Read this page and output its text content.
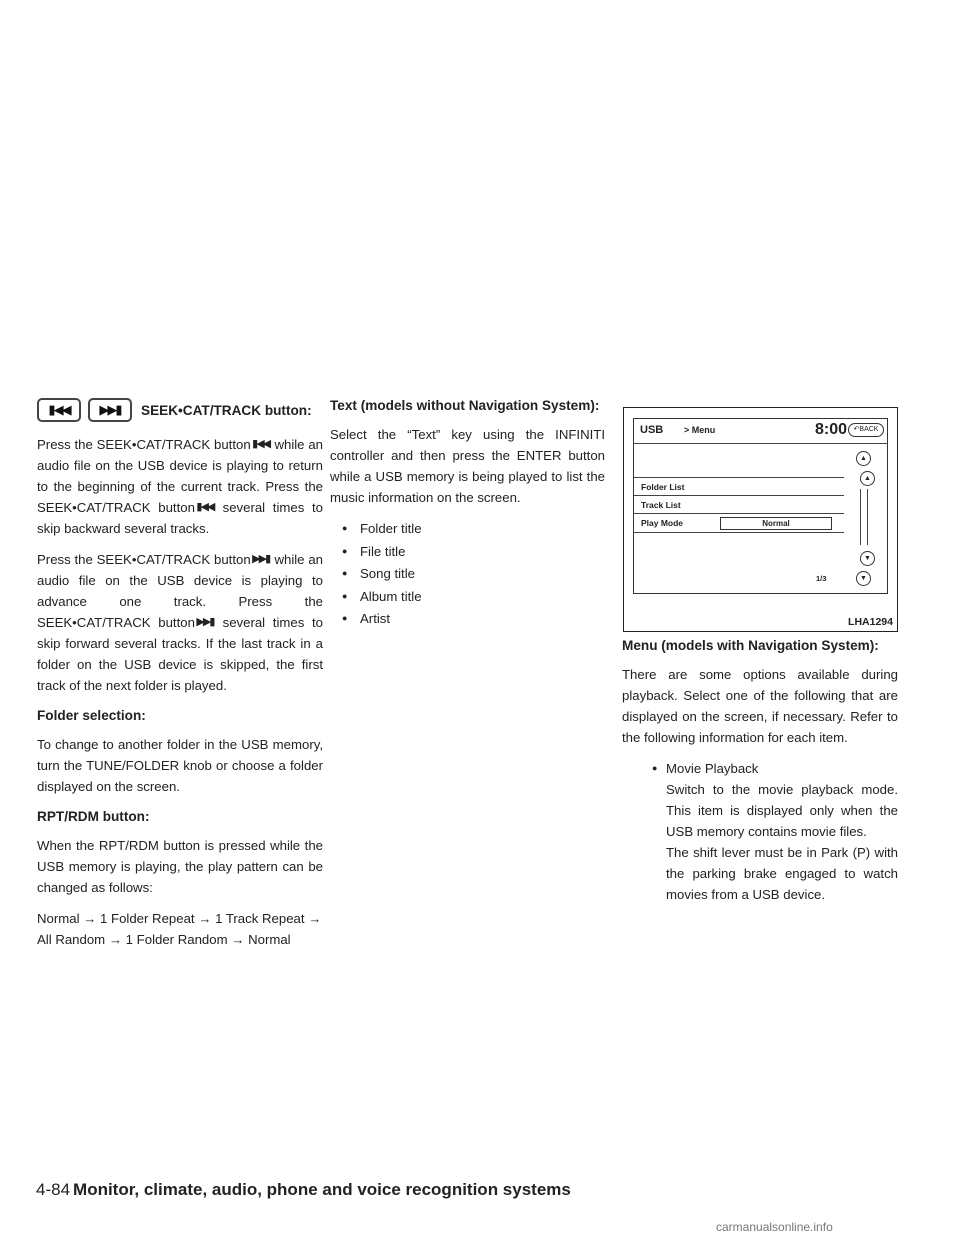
▮◀◀	▶▶▮	SEEK•CAT/TRACK button:

Press the SEEK•CAT/TRACK button ▮◀◀ while an audio file on the USB device is playing to return to the beginning of the current track. Press the SEEK•CAT/TRACK button ▮◀◀ several times to skip backward several tracks.

Press the SEEK•CAT/TRACK button ▶▶▮ while an audio file on the USB device is playing to advance one track. Press the SEEK•CAT/TRACK button ▶▶▮ several times to skip forward several tracks. If the last track in a folder on the USB device is skipped, the first track of the next folder is played.

Folder selection:

To change to another folder in the USB memory, turn the TUNE/FOLDER knob or choose a folder displayed on the screen.

RPT/RDM button:

When the RPT/RDM button is pressed while the USB memory is playing, the play pattern can be changed as follows:

Normal → 1 Folder Repeat → 1 Track Repeat → All Random → 1 Folder Random → Normal

Text (models without Navigation System):

Select the “Text” key using the INFINITI controller and then press the ENTER button while a USB memory is being played to list the music information on the screen.

● Folder title
● File title
● Song title
● Album title
● Artist
USB > Menu	8:00 ↶BACK
Folder List
Track List
Play Mode	Normal
▲
▲
▼
▼
1/3
LHA1294
Menu (models with Navigation System):

There are some options available during playback. Select one of the following that are displayed on the screen, if necessary. Refer to the following information for each item.

● Movie Playback
Switch to the movie playback mode. This item is displayed only when the USB memory contains movie files.
The shift lever must be in Park (P) with the parking brake engaged to watch movies from a USB device.
4-84 Monitor, climate, audio, phone and voice recognition systems
carmanualsonline.info
